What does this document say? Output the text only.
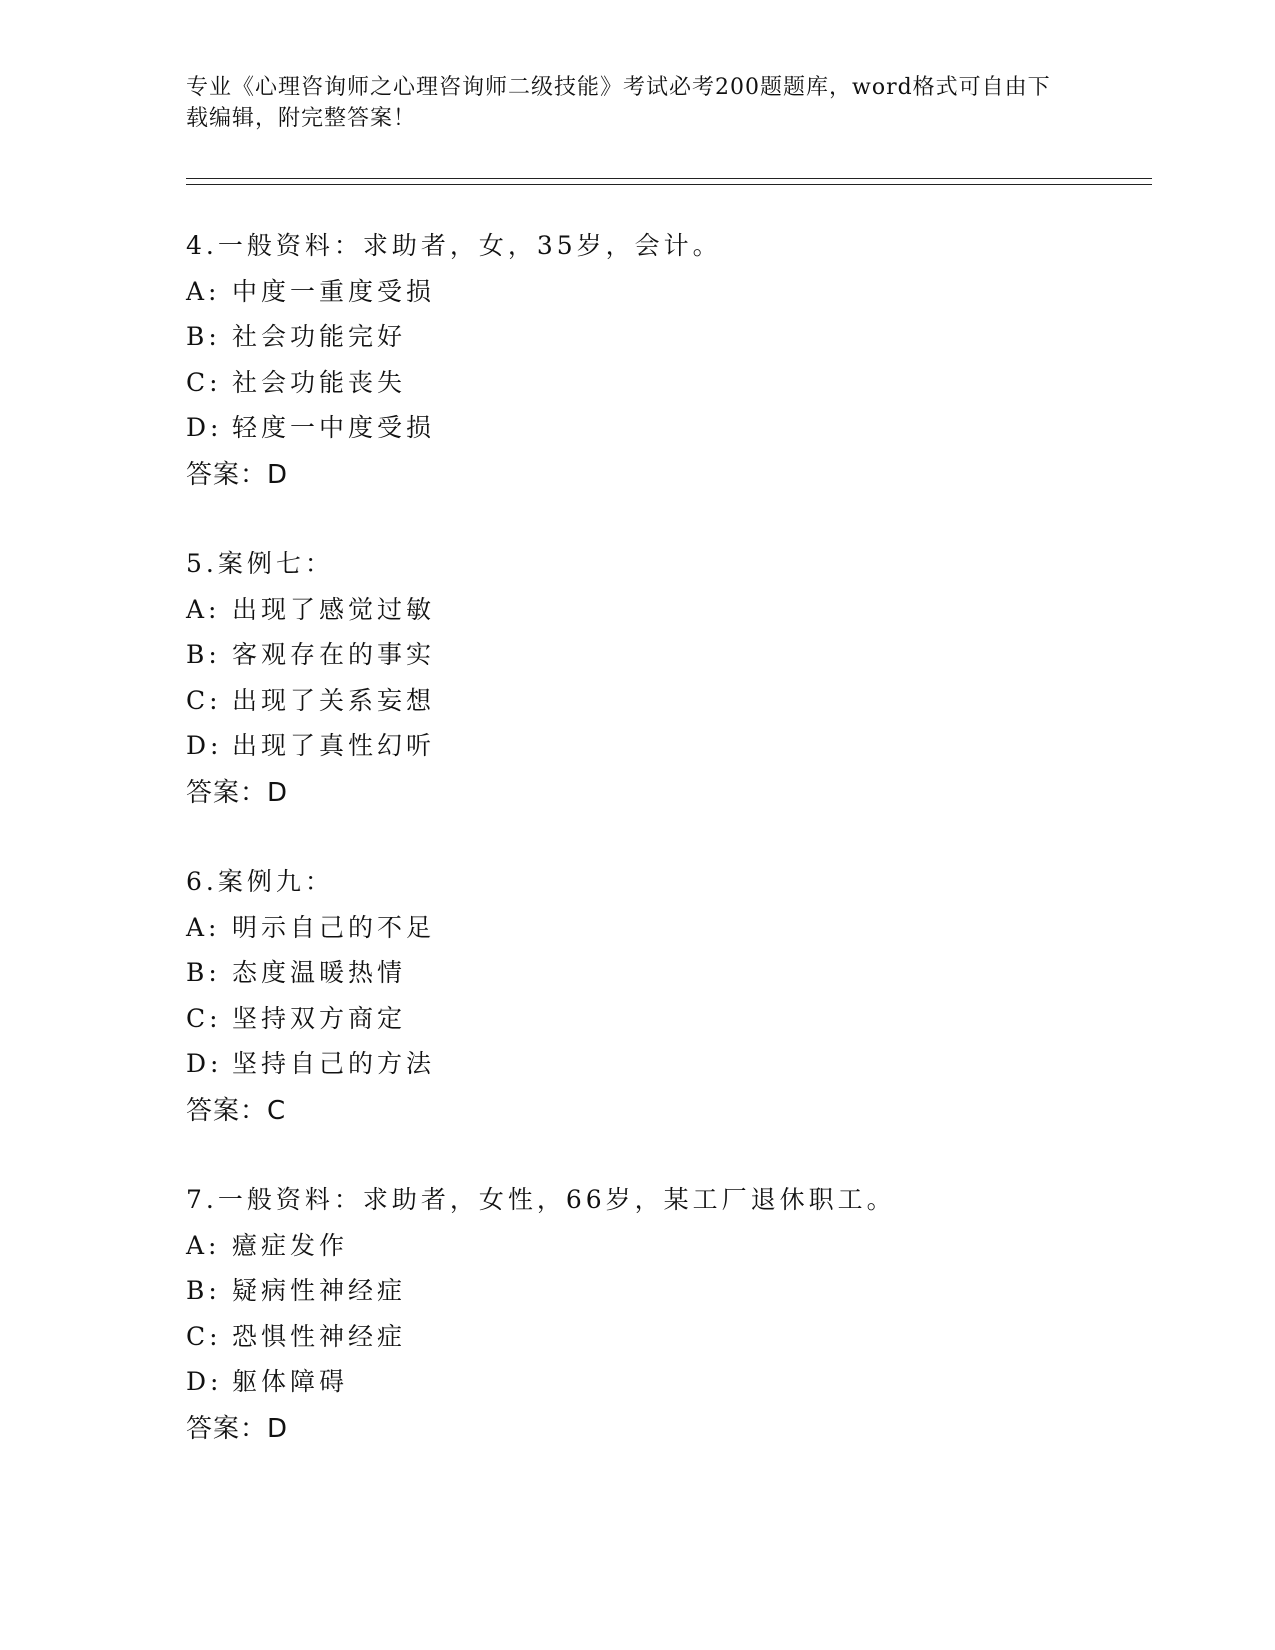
专业《心理咨询师之心理咨询师二级技能》考试必考200题题库，word格式可自由下载编辑，附完整答案！
4.一般资料：求助者，女，35岁，会计。
A: 中度一重度受损
B: 社会功能完好
C: 社会功能丧失
D: 轻度一中度受损
答案：D
5.案例七：
A: 出现了感觉过敏
B: 客观存在的事实
C: 出现了关系妄想
D: 出现了真性幻听
答案：D
6.案例九：
A: 明示自己的不足
B: 态度温暖热情
C: 坚持双方商定
D: 坚持自己的方法
答案：C
7.一般资料：求助者，女性，66岁，某工厂退休职工。
A: 癔症发作
B: 疑病性神经症
C: 恐惧性神经症
D: 躯体障碍
答案：D
